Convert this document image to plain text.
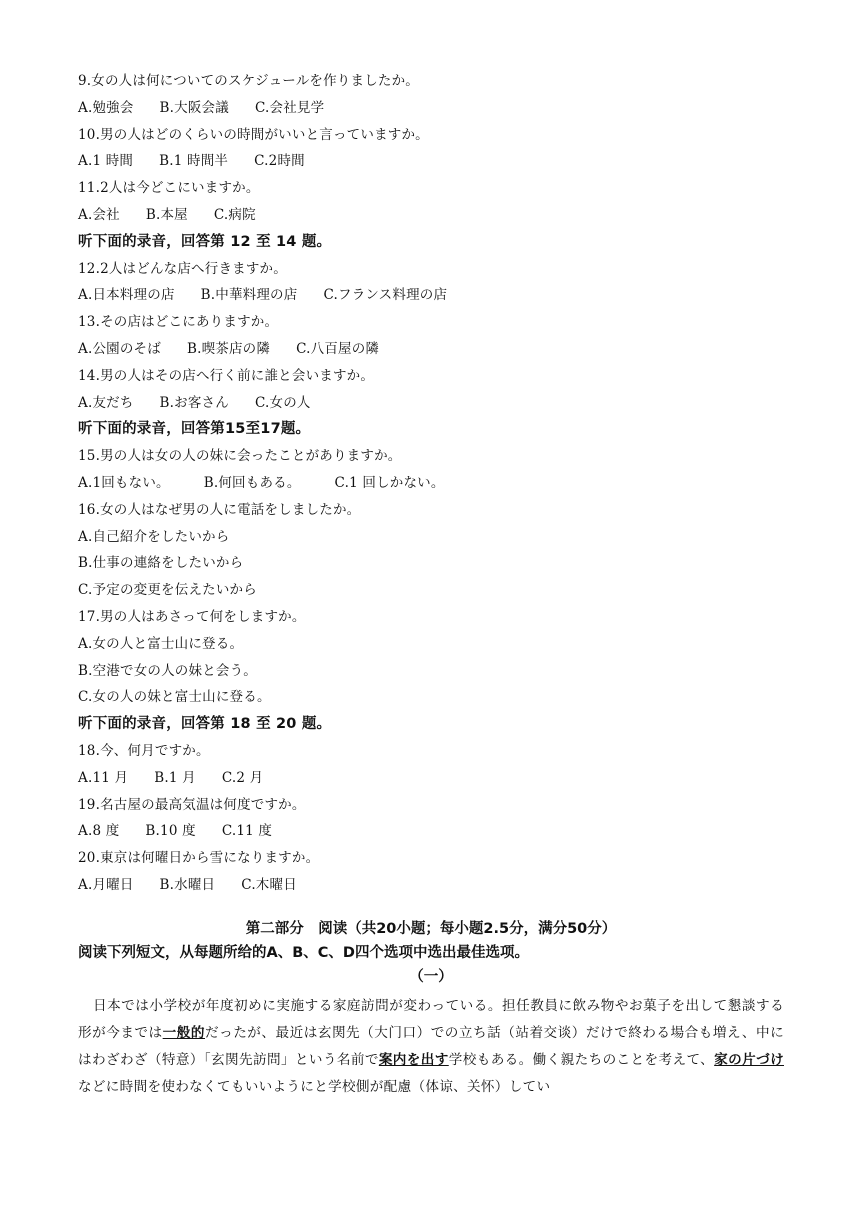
9.女の人は何についてのスケジュールを作りましたか。
A.勉強会 B.大阪会議 C.会社見学
10.男の人はどのくらいの時間がいいと言っていますか。
A.1 時間 B.1 時間半 C.2時間
11.2人は今どこにいますか。
A.会社 B.本屋 C.病院
听下面的录音，回答第 12 至 14 题。
12.2人はどんな店へ行きますか。
A.日本料理の店 B.中華料理の店 C.フランス料理の店
13.その店はどこにありますか。
A.公園のそば B.喫茶店の隣 C.八百屋の隣
14.男の人はその店へ行く前に誰と会いますか。
A.友だち B.お客さん C.女の人
听下面的录音，回答第15至17题。
15.男の人は女の人の妹に会ったことがありますか。
A.1回もない。	B.何回もある。	C.1 回しかない。
16.女の人はなぜ男の人に電話をしましたか。
A.自己紹介をしたいから
B.仕事の連絡をしたいから
C.予定の変更を伝えたいから
17.男の人はあさって何をしますか。
A.女の人と富士山に登る。
B.空港で女の人の妹と会う。
C.女の人の妹と富士山に登る。
听下面的录音，回答第 18 至 20 题。
18.今、何月ですか。
A.11 月 B.1 月 C.2 月
19.名古屋の最高気温は何度ですか。
A.8 度 B.10 度 C.11 度
20.東京は何曜日から雪になりますか。
A.月曜日 B.水曜日 C.木曜日
第二部分　阅读（共20小题；每小题2.5分，满分50分）
阅读下列短文，从每题所给的A、B、C、D四个选项中选出最佳选项。
（一）
日本では小学校が年度初めに実施する家庭訪問が変わっている。担任教員に飲み物やお菓子を出して懇談する形が今までは一般的だったが、最近は玄関先（大门口）での立ち話（站着交谈）だけで終わる場合も増え、中にはわざわざ（特意）「玄関先訪問」という名前で案内を出す学校もある。働く親たちのことを考えて、家の片づけなどに時間を使わなくてもいいようにと学校側が配慮（体谅、关怀）してい
